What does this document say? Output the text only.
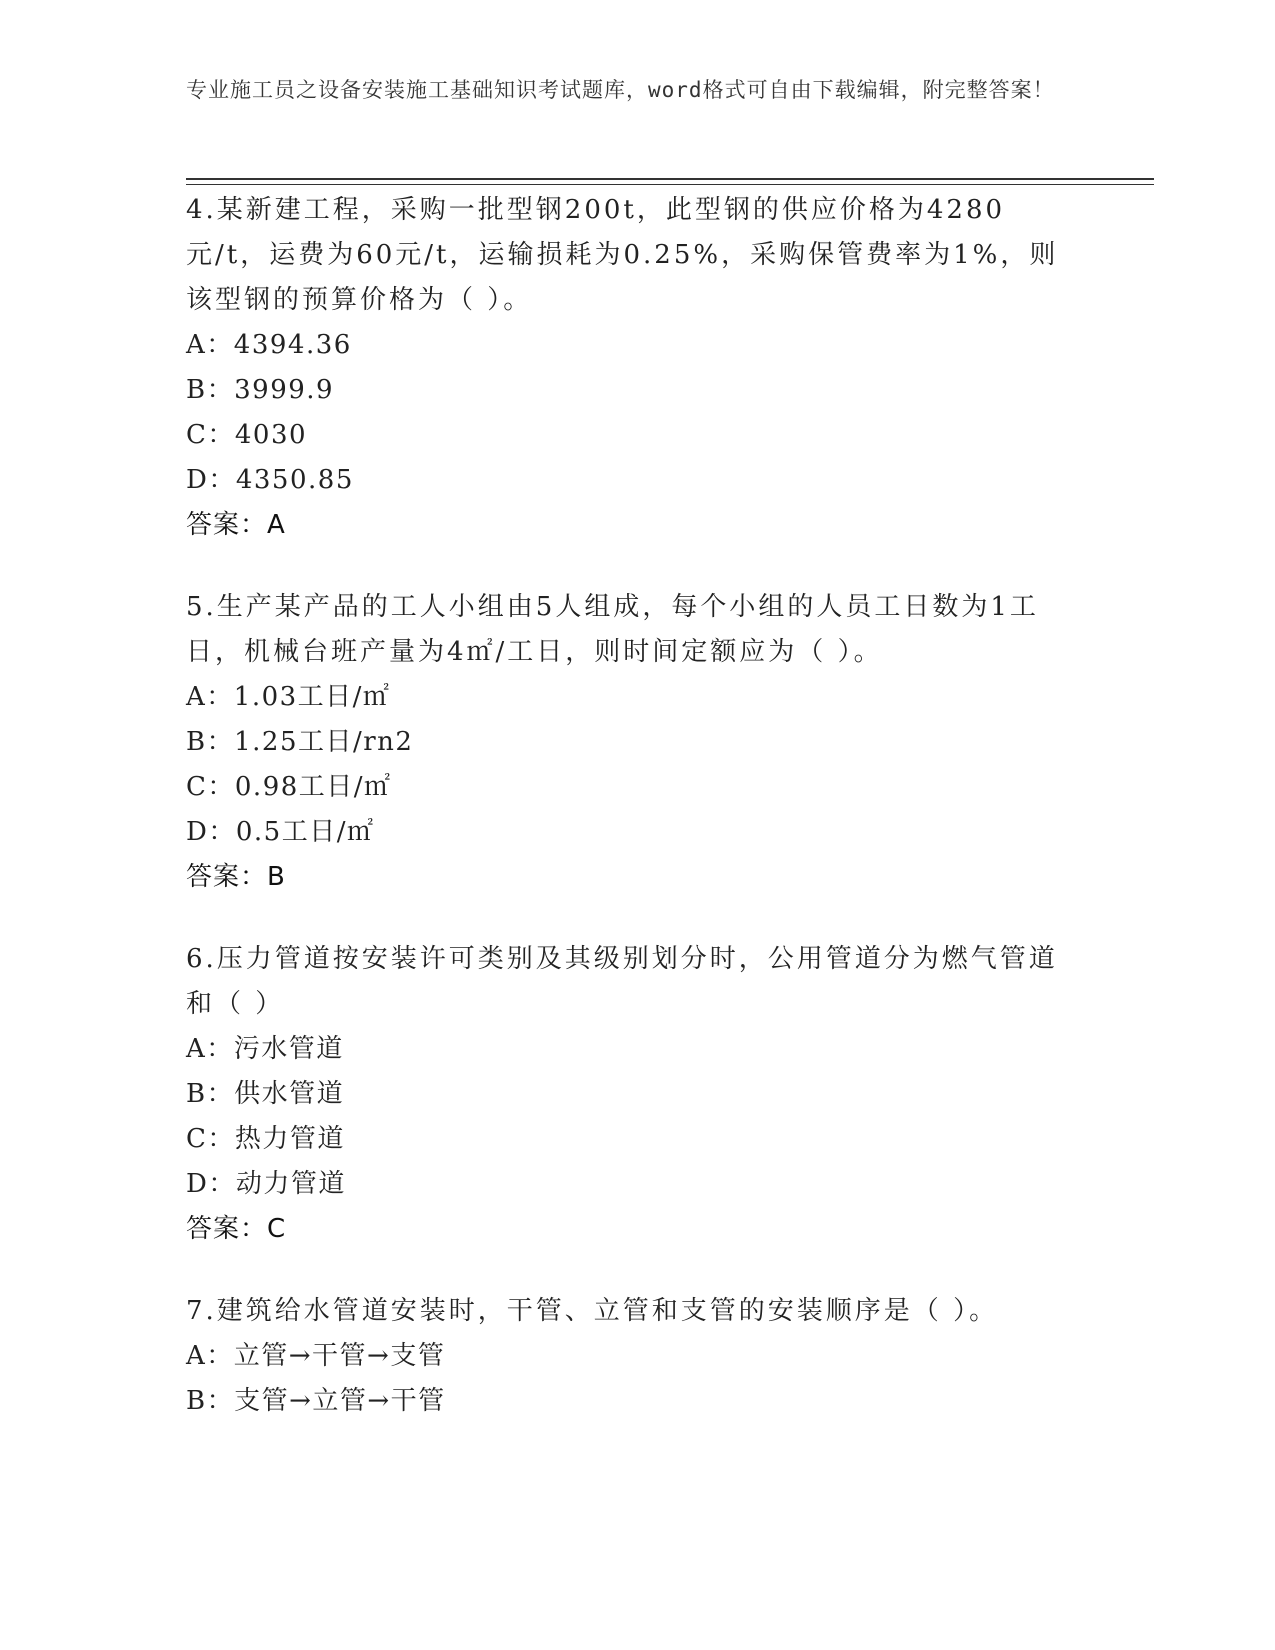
专业施工员之设备安装施工基础知识考试题库，word格式可自由下载编辑，附完整答案！
4.某新建工程，采购一批型钢200t，此型钢的供应价格为4280元/t，运费为60元/t，运输损耗为0.25%，采购保管费率为1%，则该型钢的预算价格为（ ）。
A：4394.36
B：3999.9
C：4030
D：4350.85
答案：A
5.生产某产品的工人小组由5人组成，每个小组的人员工日数为1工日，机械台班产量为4㎡/工日，则时间定额应为（ ）。
A：1.03工日/㎡
B：1.25工日/rn2
C：0.98工日/㎡
D：0.5工日/㎡
答案：B
6.压力管道按安装许可类别及其级别划分时，公用管道分为燃气管道和（ ）
A：污水管道
B：供水管道
C：热力管道
D：动力管道
答案：C
7.建筑给水管道安装时，干管、立管和支管的安装顺序是（ ）。
A：立管→干管→支管
B：支管→立管→干管
